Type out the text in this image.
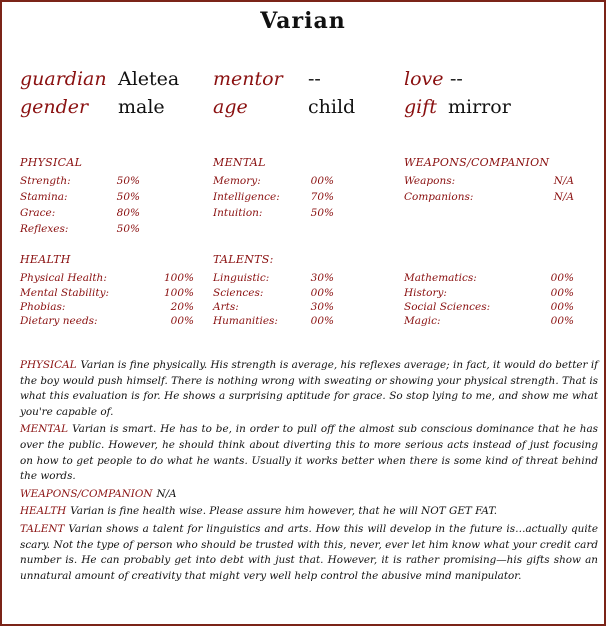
Varian
guardian Aletea mentor --	love --
gender male	age	child	gift mirror
PHYSICAL
Strength:	50%
Stamina:	50%
Grace:	80%
Reflexes:	50%
MENTAL
Memory:	00%
Intelligence:	70%
Intuition:	50%
WEAPONS/COMPANION
Weapons:	N/A
Companions:	N/A
HEALTH
Physical Health:	100%
Mental Stability:	100%
Phobias:	20%
Dietary needs:	00%
TALENTS:
Linguistic:	30%
Sciences:	00%
Arts:	30%
Humanities:	00%
Mathematics:	00%
History:	00%
Social Sciences:	00%
Magic:	00%

PHYSICAL Varian is fine physically. His strength is average, his reflexes average; in fact, it would do better if the boy would push himself. There is nothing wrong with sweating or showing your physical strength. That is what this evaluation is for. He shows a surprising aptitude for grace. So stop lying to me, and show me what you're capable of.

MENTAL Varian is smart. He has to be, in order to pull off the almost sub conscious dominance that he has over the public. However, he should think about diverting this to more serious acts instead of just focusing on how to get people to do what he wants. Usually it works better when there is some kind of threat behind the words.

WEAPONS/COMPANION N/A

HEALTH Varian is fine health wise. Please assure him however, that he will NOT GET FAT.

TALENT Varian shows a talent for linguistics and arts. How this will develop in the future is…actually quite scary. Not the type of person who should be trusted with this, never, ever let him know what your credit card number is. He can probably get into debt with just that. However, it is rather promising—his gifts show an unnatural amount of creativity that might very well help control the abusive mind manipulator.
